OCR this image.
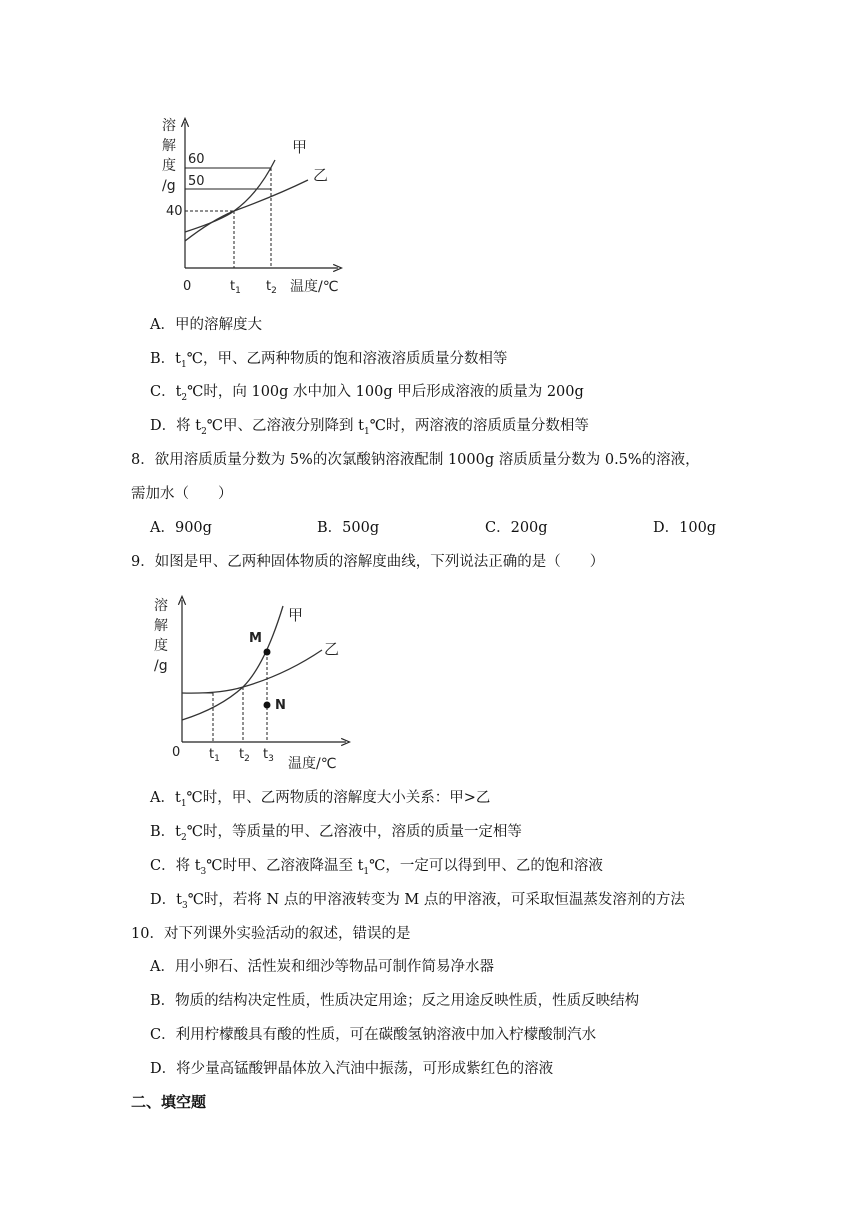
溶
解
度
/g
60
50
40
0	$t_1$ $t_2$ 温度/℃
甲
乙
A．甲的溶解度大
B．$t_1℃$，甲、乙两种物质的饱和溶液溶质质量分数相等
C．$t_2℃$时，向 100g 水中加入 100g 甲后形成溶液的质量为 200g
D．将 $t_2℃$甲、乙溶液分别降到 $t_1℃$时，两溶液的溶质质量分数相等
8．欲用溶质质量分数为 5%的次氯酸钠溶液配制 1000g 溶质质量分数为 0.5%的溶液，
需加水（　　）
A．900g	B．500g	C．200g	D．100g
9．如图是甲、乙两种固体物质的溶解度曲线，下列说法正确的是（　　）
溶
解
度
/g
M
N
甲
乙
0 $t_1$ $t_2$ $t_3$ 温度/℃
A．$t_1℃$时，甲、乙两物质的溶解度大小关系：甲>乙
B．$t_2℃$时，等质量的甲、乙溶液中，溶质的质量一定相等
C．将 $t_3℃$时甲、乙溶液降温至 $t_1℃$，一定可以得到甲、乙的饱和溶液
D．$t_3℃$时，若将 N 点的甲溶液转变为 M 点的甲溶液，可采取恒温蒸发溶剂的方法
10．对下列课外实验活动的叙述，错误的是
A．用小卵石、活性炭和细沙等物品可制作简易净水器
B．物质的结构决定性质，性质决定用途；反之用途反映性质，性质反映结构
C．利用柠檬酸具有酸的性质，可在碳酸氢钠溶液中加入柠檬酸制汽水
D．将少量高锰酸钾晶体放入汽油中振荡，可形成紫红色的溶液
二、填空题
